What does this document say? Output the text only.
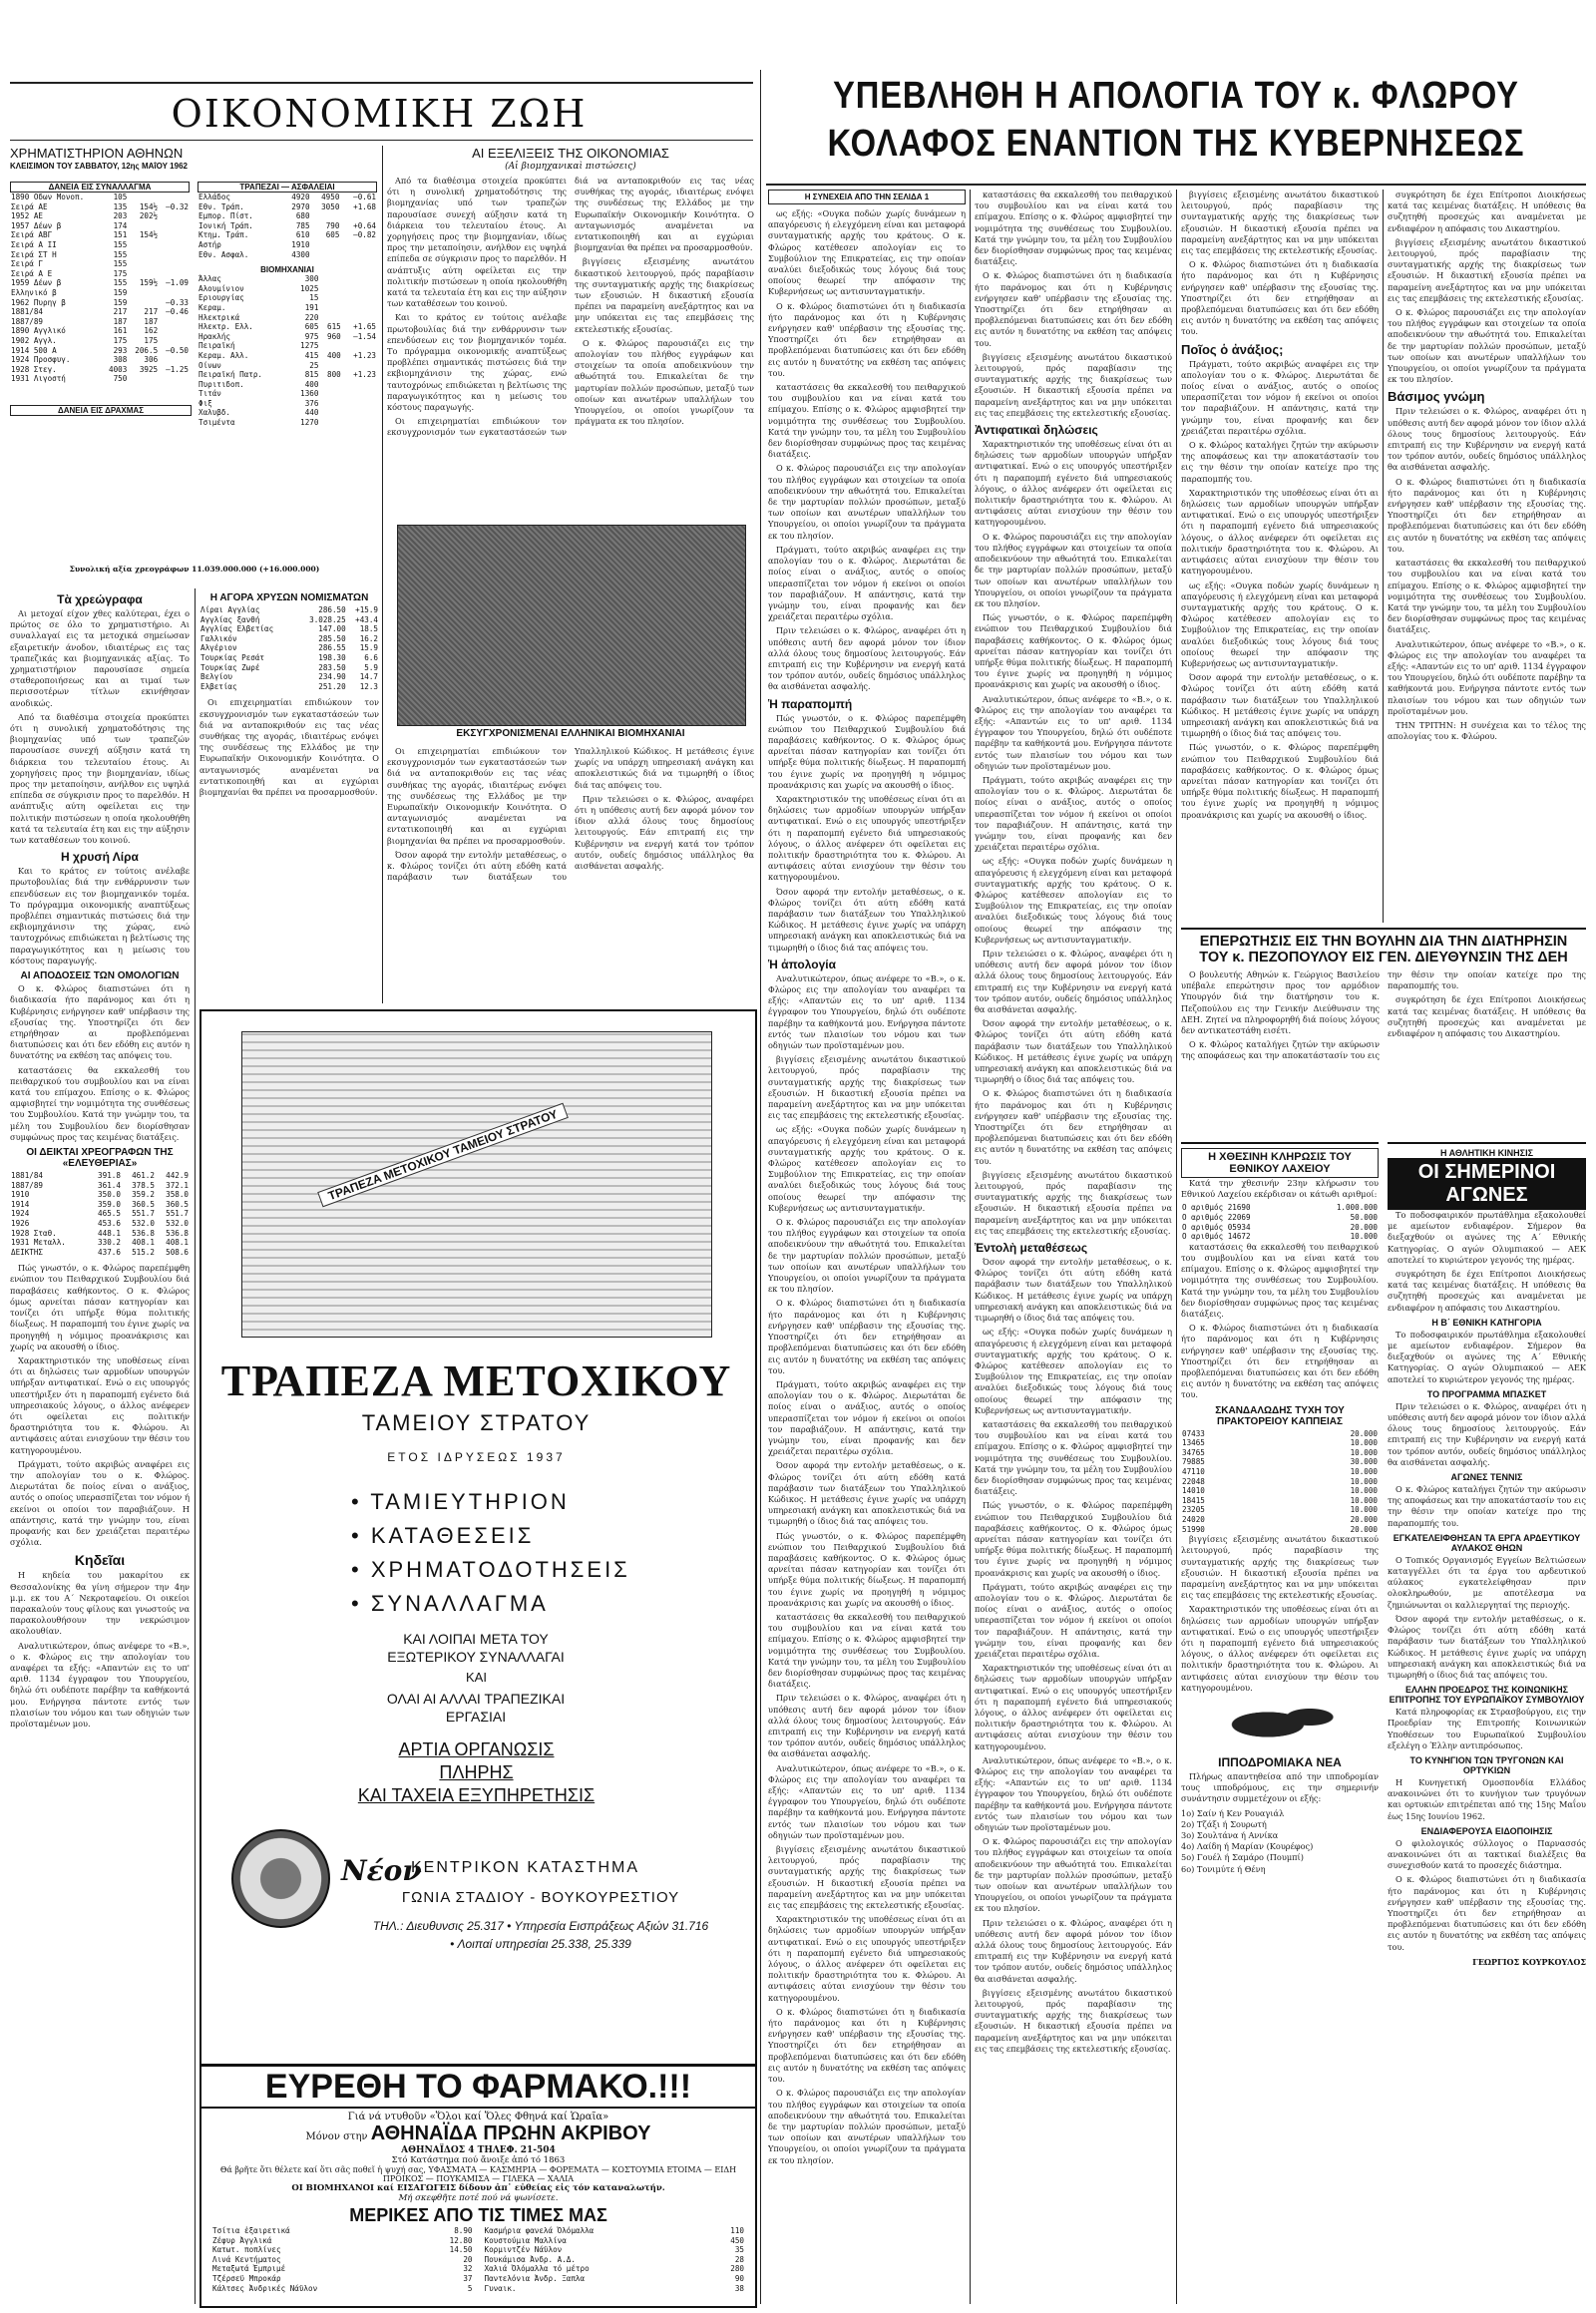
ΟΙΚΟΝΟΜΙΚΗ ΖΩΗ
ΧΡΗΜΑΤΙΣΤΗΡΙΟΝ ΑΘΗΝΩΝ
ΚΛΕΙΣΙΜΟΝ ΤΟΥ ΣΑΒΒΑΤΟΥ, 12ης ΜΑΐΟΥ 1962
ΔΑΝΕΙΑ ΕΙΣ ΣΥΝΑΛΛΑΓΜΑ
1890 Οδων Μονοπ.	105		
Σειρά ΑΕ	135	154½	—0.32
1952 ΑΕ	203	202½	
1957 Δέων β	174		
Σειρά ΑΒΓ	151	154½	
Σειρά Α ΙΙ	155		
Σειρά ΣΤ Η	155		
Σειρά Γ	155		
Σειρά Α Ε	175		
1959 Δέων β	155	159½	—1.09
Ελληνικό β	159		
1962 Πυρηγ β	159		—0.33
1881/84	217	217	—0.46
1887/89	187	187	
1890 Αγγλικό	161	162	
1902 Αγγλ.	175	175	
1914 500 Α	293	206.5	—0.50
1924 Προσφυγ.	308	306	
1928 Στεγ.	4003	3925	—1.25
1931 Λιγοστή	750		
ΤΡΑΠΕΖΑΙ — ΑΣΦΑΛΕΙΑΙ
Ελλάδος	4920	4950	—0.61
Εθν. Τράπ.	2970	3050	+1.68
Εμπορ. Πίστ.	680		
Ιονική Τράπ.	785	790	+0.64
Κτημ. Τράπ.	610	605	—0.82
Αστήρ	1910		
Εθν. Ασφαλ.	4300		
ΒΙΟΜΗΧΑΝΙΑΙ
Άλλας	300		
Αλουμίνιον	1025		
Εριουργίας	15		
Κεραμ.	191		
Ηλεκτρικά	220		
Ηλεκτρ. Ελλ.	605	615	+1.65
Ηρακλής	975	960	—1.54
Πειραϊκή	1275		
Κεραμ. Αλλ.	415	400	+1.23
Οίνων	25		
Πειραϊκή Πατρ.	815	800	+1.23
Πυριτιδοπ.	400		
Τιτάν	1360		
Φιξ	376		
Χαλυβδ.	440		
Τσιμέντα	1270		
ΔΑΝΕΙΑ ΕΙΣ ΔΡΑΧΜΑΣ
Συνολική αξία χρεογράφων 11.039.000.000 (+16.000.000)
Τὰ χρεώγραφα

Αι μετοχαί είχον χθες καλύτεραι, έχει ο πρώτος σε όλο το χρηματιστήριο. Αι συναλλαγαί εις τα μετοχικά σημείωσαν εξαιρετικήν άνοδον, ιδιαιτέρως εις τας τραπεζικάς και βιομηχανικάς αξίας. Το χρηματιστήριον παρουσίασε σημεία σταθεροποιήσεως και αι τιμαί των περισσοτέρων τίτλων εκινήθησαν ανοδικώς.

Από τα διαθέσιμα στοιχεία προκύπτει ότι η συνολική χρηματοδότησις της βιομηχανίας υπό των τραπεζών παρουσίασε συνεχή αύξησιν κατά τη διάρκεια του τελευταίου έτους. Αι χορηγήσεις προς την βιομηχανίαν, ιδίως προς την μεταποίησιν, ανήλθον εις υψηλά επίπεδα σε σύγκρισιν προς το παρελθόν. Η ανάπτυξις αύτη οφείλεται εις την πολιτικήν πιστώσεων η οποία ηκολουθήθη κατά τα τελευταία έτη και εις την αύξησιν των καταθέσεων του κοινού.

Η χρυσή Λίρα

Και το κράτος εν τούτοις ανέλαβε πρωτοβουλίας διά την ενθάρρυνσιν των επενδύσεων εις τον βιομηχανικόν τομέα. Το πρόγραμμα οικονομικής αναπτύξεως προβλέπει σημαντικάς πιστώσεις διά την εκβιομηχάνισιν της χώρας, ενώ ταυτοχρόνως επιδιώκεται η βελτίωσις της παραγωγικότητος και η μείωσις του κόστους παραγωγής.

ΑΙ ΑΠΟΔΟΣΕΙΣ ΤΩΝ ΟΜΟΛΟΓΙΩΝ

Ο κ. Φλώρος διαπιστώνει ότι η διαδικασία ήτο παράνομος και ότι η Κυβέρνησις ενήργησεν καθ' υπέρβασιν της εξουσίας της. Υποστηρίζει ότι δεν ετηρήθησαν αι προβλεπόμεναι διατυπώσεις και ότι δεν εδόθη εις αυτόν η δυνατότης να εκθέση τας απόψεις του.

καταστάσεις θα εκκαλεσθή του πειθαρχικού του συμβουλίου και να είναι κατά του επίμαχου. Επίσης ο κ. Φλώρος αμφισβητεί την νομιμότητα της συνθέσεως του Συμβουλίου. Κατά την γνώμην του, τα μέλη του Συμβουλίου δεν διορίσθησαν συμφώνως προς τας κειμένας διατάξεις.

ΟΙ ΔΕΙΚΤΑΙ ΧΡΕΟΓΡΑΦΩΝ ΤΗΣ «ΕΛΕΥΘΕΡΙΑΣ»
1881/84	391.8	461.2	442.9
1887/89	361.4	378.5	372.1
1910	350.0	359.2	358.0
1914	359.0	360.5	360.5
1924	465.5	551.7	551.7
1926	453.6	532.0	532.0
1928 Σταθ.	448.1	536.8	536.8
1931 Μεταλλ.	330.2	408.1	408.1
ΔΕΙΚΤΗΣ	437.6	515.2	508.6

Πώς γνωστόν, ο κ. Φλώρος παρεπέμφθη ενώπιον του Πειθαρχικού Συμβουλίου διά παραβάσεις καθήκοντος. Ο κ. Φλώρος όμως αρνείται πάσαν κατηγορίαν και τονίζει ότι υπήρξε θύμα πολιτικής δίωξεως. Η παραπομπή του έγινε χωρίς να προηγηθή η νόμιμος προανάκρισις και χωρίς να ακουσθή ο ίδιος.

Χαρακτηριστικόν της υποθέσεως είναι ότι αι δηλώσεις των αρμοδίων υπουργών υπήρξαν αντιφατικαί. Ενώ ο εις υπουργός υπεστήριξεν ότι η παραπομπή εγένετο διά υπηρεσιακούς λόγους, ο άλλος ανέφερεν ότι οφείλεται εις πολιτικήν δραστηριότητα του κ. Φλώρου. Αι αντιφάσεις αύται ενισχύουν την θέσιν του κατηγορουμένου.

Πράγματι, τούτο ακριβώς αναφέρει εις την απολογίαν του ο κ. Φλώρος. Διερωτάται δε ποίος είναι ο ανάξιος, αυτός ο οποίος υπερασπίζεται τον νόμον ή εκείνοι οι οποίοι τον παραβιάζουν. Η απάντησις, κατά την γνώμην του, είναι προφανής και δεν χρειάζεται περαιτέρω σχόλια.

Κηδεῖαι

Η κηδεία του μακαρίτου εκ Θεσσαλονίκης θα γίνη σήμερον την 4ην μ.μ. εκ του Α΄ Νεκροταφείου. Οι οικείοι παρακαλούν τους φίλους και γνωστούς να παρακολουθήσουν την νεκρώσιμον ακολουθίαν.

Αναλυτικώτερον, όπως ανέφερε το «Β.», ο κ. Φλώρος εις την απολογίαν του αναφέρει τα εξής: «Απαντών εις το υπ' αριθ. 1134 έγγραφον του Υπουργείου, δηλώ ότι ουδέποτε παρέβην τα καθήκοντά μου. Ενήργησα πάντοτε εντός των πλαισίων του νόμου και των οδηγιών των προϊσταμένων μου.

Η ΑΓΟΡΑ ΧΡΥΣΩΝ ΝΟΜΙΣΜΑΤΩΝ
Λίραι Αγγλίας	286.50	+15.9
Αγγλίας ξανθή	3.028.25	+43.4
Αγγλίας Ελβετίας	147.00	18.5
Γαλλικόν	285.50	16.2
Αλγέριον	286.55	15.9
Τουρκίας Ρεσάτ	198.30	6.6
Τουρκίας Ζωρέ	283.50	5.9
Βελγίου	234.90	14.7
Ελβετίας	251.20	12.3

Οι επιχειρηματίαι επιδιώκουν τον εκσυγχρονισμόν των εγκαταστάσεών των διά να ανταποκριθούν εις τας νέας συνθήκας της αγοράς, ιδιαιτέρως ενόψει της συνδέσεως της Ελλάδος με την Ευρωπαϊκήν Οικονομικήν Κοινότητα. Ο ανταγωνισμός αναμένεται να εντατικοποιηθή και αι εγχώριαι βιομηχανίαι θα πρέπει να προσαρμοσθούν.

ΑΙ ΕΞΕΛΙΞΕΙΣ ΤΗΣ ΟΙΚΟΝΟΜΙΑΣ
(Αἱ βιομηχανικαὶ πιστώσεις)

Από τα διαθέσιμα στοιχεία προκύπτει ότι η συνολική χρηματοδότησις της βιομηχανίας υπό των τραπεζών παρουσίασε συνεχή αύξησιν κατά τη διάρκεια του τελευταίου έτους. Αι χορηγήσεις προς την βιομηχανίαν, ιδίως προς την μεταποίησιν, ανήλθον εις υψηλά επίπεδα σε σύγκρισιν προς το παρελθόν. Η ανάπτυξις αύτη οφείλεται εις την πολιτικήν πιστώσεων η οποία ηκολουθήθη κατά τα τελευταία έτη και εις την αύξησιν των καταθέσεων του κοινού.

Και το κράτος εν τούτοις ανέλαβε πρωτοβουλίας διά την ενθάρρυνσιν των επενδύσεων εις τον βιομηχανικόν τομέα. Το πρόγραμμα οικονομικής αναπτύξεως προβλέπει σημαντικάς πιστώσεις διά την εκβιομηχάνισιν της χώρας, ενώ ταυτοχρόνως επιδιώκεται η βελτίωσις της παραγωγικότητος και η μείωσις του κόστους παραγωγής.

Οι επιχειρηματίαι επιδιώκουν τον εκσυγχρονισμόν των εγκαταστάσεών των διά να ανταποκριθούν εις τας νέας συνθήκας της αγοράς, ιδιαιτέρως ενόψει της συνδέσεως της Ελλάδος με την Ευρωπαϊκήν Οικονομικήν Κοινότητα. Ο ανταγωνισμός αναμένεται να εντατικοποιηθή και αι εγχώριαι βιομηχανίαι θα πρέπει να προσαρμοσθούν.

βιγγίσεις εξεισμένης ανωτάτου δικαστικού λειτουργού, πρός παραβίασιν της συνταγματικής αρχής της διακρίσεως των εξουσιών. Η δικαστική εξουσία πρέπει να παραμείνη ανεξάρτητος και να μην υπόκειται εις τας επεμβάσεις της εκτελεστικής εξουσίας.

Ο κ. Φλώρος παρουσιάζει εις την απολογίαν του πλήθος εγγράφων και στοιχείων τα οποία αποδεικνύουν την αθωότητά του. Επικαλείται δε την μαρτυρίαν πολλών προσώπων, μεταξύ των οποίων και ανωτέρων υπαλλήλων του Υπουργείου, οι οποίοι γνωρίζουν τα πράγματα εκ του πλησίον.

ΕΚΣΥΓΧΡΟΝΙΣΜΕΝΑΙ ΕΛΛΗΝΙΚΑΙ ΒΙΟΜΗΧΑΝΙΑΙ

Οι επιχειρηματίαι επιδιώκουν τον εκσυγχρονισμόν των εγκαταστάσεών των διά να ανταποκριθούν εις τας νέας συνθήκας της αγοράς, ιδιαιτέρως ενόψει της συνδέσεως της Ελλάδος με την Ευρωπαϊκήν Οικονομικήν Κοινότητα. Ο ανταγωνισμός αναμένεται να εντατικοποιηθή και αι εγχώριαι βιομηχανίαι θα πρέπει να προσαρμοσθούν.

Όσον αφορά την εντολήν μεταθέσεως, ο κ. Φλώρος τονίζει ότι αύτη εδόθη κατά παράβασιν των διατάξεων του Υπαλληλικού Κώδικος. Η μετάθεσις έγινε χωρίς να υπάρχη υπηρεσιακή ανάγκη και αποκλειστικώς διά να τιμωρηθή ο ίδιος διά τας απόψεις του.

Πριν τελειώσει ο κ. Φλώρος, αναφέρει ότι η υπόθεσις αυτή δεν αφορά μόνον τον ίδιον αλλά όλους τους δημοσίους λειτουργούς. Εάν επιτραπή εις την Κυβέρνησιν να ενεργή κατά τον τρόπον αυτόν, ουδείς δημόσιος υπάλληλος θα αισθάνεται ασφαλής.

ΤΡΑΠΕΖΑ ΜΕΤΟΧΙΚΟΥ ΤΑΜΕΙΟΥ ΣΤΡΑΤΟΥ
ΤΡΑΠΕΖΑ ΜΕΤΟΧΙΚΟΥ
ΤΑΜΕΙΟΥ ΣΤΡΑΤΟΥ
ΕΤΟΣ ΙΔΡΥΣΕΩΣ 1937
• ΤΑΜΙΕΥΤΗΡΙΟΝ
• ΚΑΤΑΘΕΣΕΙΣ
• ΧΡΗΜΑΤΟΔΟΤΗΣΕΙΣ
• ΣΥΝΑΛΛΑΓΜΑ
ΚΑΙ ΛΟΙΠΑΙ ΜΕΤΑ ΤΟΥ ΕΞΩΤΕΡΙΚΟΥ ΣΥΝΑΛΛΑΓΑΙ
ΚΑΙ
ΟΛΑΙ ΑΙ ΑΛΛΑΙ ΤΡΑΠΕΖΙΚΑΙ ΕΡΓΑΣΙΑΙ
ΑΡΤΙΑ ΟΡΓΑΝΩΣΙΣ
ΠΛΗΡΗΣ
ΚΑΙ ΤΑΧΕΙΑ ΕΞΥΠΗΡΕΤΗΣΙΣ
Νέον
ΚΕΝΤΡΙΚΟΝ ΚΑΤΑΣΤΗΜΑ
ΓΩΝΙΑ ΣΤΑΔΙΟΥ - ΒΟΥΚΟΥΡΕΣΤΙΟΥ
ΤΗΛ.: Διευθυνσις 25.317 • Υπηρεσία Εισπράξεως Αξιών 31.716
• Λοιπαί υπηρεσίαι 25.338, 25.339
ΕΥΡΕΘΗ ΤΟ ΦΑΡΜΑΚΟ.!!!
Γιά νά ντυθοῦν «Ὅλοι καί Ὅλες Φθηνά καί Ὡραῖα»
Μόνον στην ΑΘΗΝΑΪΔΑ ΠΡΩΗΝ ΑΚΡΙΒΟΥ
ΑΘΗΝΑΪΔΟΣ 4 ΤΗΛΕΦ. 21-504
Στό Κατάστημα πού ἄνοιξε ἀπό τό 1863
Θά βρῆτε ὅτι θέλετε καί ὅτι σᾶς ποθεῖ ἡ ψυχή σας, ΥΦΑΣΜΑΤΑ — ΚΑΣΜΗΡΙΑ — ΦΟΡΕΜΑΤΑ — ΚΟΣΤΟΥΜΙΑ ΕΤΟΙΜΑ — ΕΙΔΗ ΠΡΟΙΚΟΣ — ΠΟΥΚΑΜΙΣΑ — ΓΙΛΕΚΑ — ΧΑΛΙΑ
ΟΙ ΒΙΟΜΗΧΑΝΟΙ καί ΕΙΣΑΓΩΓΕΙΣ δίδουν ἀπ᾽ εὐθείας εἰς τόν καταναλωτήν.
Μή σκεφθῆτε ποτέ πού νά ψωνίσετε.
ΜΕΡΙΚΕΣ ΑΠΟ ΤΙΣ ΤΙΜΕΣ ΜΑΣ
Τσίτια ἐξαιρετικά	8.90
Ζέφυρ Ἀγγλικά	12.80
Κατωτ. ποπλίνες	14.50
Λινά Κεντήματος	20
Μεταξωτά Ἐμπριμέ	32
Τζέρσεϋ Μπροκάρ	37
Κάλτσες Ἀνδρικές Νάϋλον	5
Κασμήρια φανελά Ὀλόμαλλα	110
Κουστούμια Μαλλίνα	450
Κορμιντζέν Νάϋλον	35
Πουκάμισα Ἀνδρ. Α.Δ.	28
Χαλιά Ὀλόμαλλα τό μέτρο	280
Παντελόνια Ἀνδρ. Ξαπλα	90
Γυναικ.	38
ΥΠΕΒΛΗΘΗ Η ΑΠΟΛΟΓΙΑ ΤΟΥ κ. ΦΛΩΡΟΥ
ΚΟΛΑΦΟΣ ΕΝΑΝΤΙΟΝ ΤΗΣ ΚΥΒΕΡΝΗΣΕΩΣ
Η ΣΥΝΕΧΕΙΑ ΑΠΟ ΤΗΝ ΣΕΛΙΔΑ 1

ως εξής: «Ουγκα ποδών χωρίς δυνάμεων η απαγόρευσις ή ελεγχόμενη είναι και μεταφορά συνταγματικής αρχής του κράτους. Ο κ. Φλώρος κατέθεσεν απολογίαν εις το Συμβούλιον της Επικρατείας, εις την οποίαν αναλύει διεξοδικώς τους λόγους διά τους οποίους θεωρεί την απόφασιν της Κυβερνήσεως ως αντισυνταγματικήν.

Ο κ. Φλώρος διαπιστώνει ότι η διαδικασία ήτο παράνομος και ότι η Κυβέρνησις ενήργησεν καθ' υπέρβασιν της εξουσίας της. Υποστηρίζει ότι δεν ετηρήθησαν αι προβλεπόμεναι διατυπώσεις και ότι δεν εδόθη εις αυτόν η δυνατότης να εκθέση τας απόψεις του.

καταστάσεις θα εκκαλεσθή του πειθαρχικού του συμβουλίου και να είναι κατά του επίμαχου. Επίσης ο κ. Φλώρος αμφισβητεί την νομιμότητα της συνθέσεως του Συμβουλίου. Κατά την γνώμην του, τα μέλη του Συμβουλίου δεν διορίσθησαν συμφώνως προς τας κειμένας διατάξεις.

Ο κ. Φλώρος παρουσιάζει εις την απολογίαν του πλήθος εγγράφων και στοιχείων τα οποία αποδεικνύουν την αθωότητά του. Επικαλείται δε την μαρτυρίαν πολλών προσώπων, μεταξύ των οποίων και ανωτέρων υπαλλήλων του Υπουργείου, οι οποίοι γνωρίζουν τα πράγματα εκ του πλησίον.

Πράγματι, τούτο ακριβώς αναφέρει εις την απολογίαν του ο κ. Φλώρος. Διερωτάται δε ποίος είναι ο ανάξιος, αυτός ο οποίος υπερασπίζεται τον νόμον ή εκείνοι οι οποίοι τον παραβιάζουν. Η απάντησις, κατά την γνώμην του, είναι προφανής και δεν χρειάζεται περαιτέρω σχόλια.

Πριν τελειώσει ο κ. Φλώρος, αναφέρει ότι η υπόθεσις αυτή δεν αφορά μόνον τον ίδιον αλλά όλους τους δημοσίους λειτουργούς. Εάν επιτραπή εις την Κυβέρνησιν να ενεργή κατά τον τρόπον αυτόν, ουδείς δημόσιος υπάλληλος θα αισθάνεται ασφαλής.

Ἡ παραπομπή

Πώς γνωστόν, ο κ. Φλώρος παρεπέμφθη ενώπιον του Πειθαρχικού Συμβουλίου διά παραβάσεις καθήκοντος. Ο κ. Φλώρος όμως αρνείται πάσαν κατηγορίαν και τονίζει ότι υπήρξε θύμα πολιτικής δίωξεως. Η παραπομπή του έγινε χωρίς να προηγηθή η νόμιμος προανάκρισις και χωρίς να ακουσθή ο ίδιος.

Χαρακτηριστικόν της υποθέσεως είναι ότι αι δηλώσεις των αρμοδίων υπουργών υπήρξαν αντιφατικαί. Ενώ ο εις υπουργός υπεστήριξεν ότι η παραπομπή εγένετο διά υπηρεσιακούς λόγους, ο άλλος ανέφερεν ότι οφείλεται εις πολιτικήν δραστηριότητα του κ. Φλώρου. Αι αντιφάσεις αύται ενισχύουν την θέσιν του κατηγορουμένου.

Όσον αφορά την εντολήν μεταθέσεως, ο κ. Φλώρος τονίζει ότι αύτη εδόθη κατά παράβασιν των διατάξεων του Υπαλληλικού Κώδικος. Η μετάθεσις έγινε χωρίς να υπάρχη υπηρεσιακή ανάγκη και αποκλειστικώς διά να τιμωρηθή ο ίδιος διά τας απόψεις του.

Ἡ ἀπολογία

Αναλυτικώτερον, όπως ανέφερε το «Β.», ο κ. Φλώρος εις την απολογίαν του αναφέρει τα εξής: «Απαντών εις το υπ' αριθ. 1134 έγγραφον του Υπουργείου, δηλώ ότι ουδέποτε παρέβην τα καθήκοντά μου. Ενήργησα πάντοτε εντός των πλαισίων του νόμου και των οδηγιών των προϊσταμένων μου.

βιγγίσεις εξεισμένης ανωτάτου δικαστικού λειτουργού, πρός παραβίασιν της συνταγματικής αρχής της διακρίσεως των εξουσιών. Η δικαστική εξουσία πρέπει να παραμείνη ανεξάρτητος και να μην υπόκειται εις τας επεμβάσεις της εκτελεστικής εξουσίας.

ως εξής: «Ουγκα ποδών χωρίς δυνάμεων η απαγόρευσις ή ελεγχόμενη είναι και μεταφορά συνταγματικής αρχής του κράτους. Ο κ. Φλώρος κατέθεσεν απολογίαν εις το Συμβούλιον της Επικρατείας, εις την οποίαν αναλύει διεξοδικώς τους λόγους διά τους οποίους θεωρεί την απόφασιν της Κυβερνήσεως ως αντισυνταγματικήν.

Ο κ. Φλώρος παρουσιάζει εις την απολογίαν του πλήθος εγγράφων και στοιχείων τα οποία αποδεικνύουν την αθωότητά του. Επικαλείται δε την μαρτυρίαν πολλών προσώπων, μεταξύ των οποίων και ανωτέρων υπαλλήλων του Υπουργείου, οι οποίοι γνωρίζουν τα πράγματα εκ του πλησίον.

Ο κ. Φλώρος διαπιστώνει ότι η διαδικασία ήτο παράνομος και ότι η Κυβέρνησις ενήργησεν καθ' υπέρβασιν της εξουσίας της. Υποστηρίζει ότι δεν ετηρήθησαν αι προβλεπόμεναι διατυπώσεις και ότι δεν εδόθη εις αυτόν η δυνατότης να εκθέση τας απόψεις του.

Πράγματι, τούτο ακριβώς αναφέρει εις την απολογίαν του ο κ. Φλώρος. Διερωτάται δε ποίος είναι ο ανάξιος, αυτός ο οποίος υπερασπίζεται τον νόμον ή εκείνοι οι οποίοι τον παραβιάζουν. Η απάντησις, κατά την γνώμην του, είναι προφανής και δεν χρειάζεται περαιτέρω σχόλια.

Όσον αφορά την εντολήν μεταθέσεως, ο κ. Φλώρος τονίζει ότι αύτη εδόθη κατά παράβασιν των διατάξεων του Υπαλληλικού Κώδικος. Η μετάθεσις έγινε χωρίς να υπάρχη υπηρεσιακή ανάγκη και αποκλειστικώς διά να τιμωρηθή ο ίδιος διά τας απόψεις του.

Πώς γνωστόν, ο κ. Φλώρος παρεπέμφθη ενώπιον του Πειθαρχικού Συμβουλίου διά παραβάσεις καθήκοντος. Ο κ. Φλώρος όμως αρνείται πάσαν κατηγορίαν και τονίζει ότι υπήρξε θύμα πολιτικής δίωξεως. Η παραπομπή του έγινε χωρίς να προηγηθή η νόμιμος προανάκρισις και χωρίς να ακουσθή ο ίδιος.

καταστάσεις θα εκκαλεσθή του πειθαρχικού του συμβουλίου και να είναι κατά του επίμαχου. Επίσης ο κ. Φλώρος αμφισβητεί την νομιμότητα της συνθέσεως του Συμβουλίου. Κατά την γνώμην του, τα μέλη του Συμβουλίου δεν διορίσθησαν συμφώνως προς τας κειμένας διατάξεις.

Πριν τελειώσει ο κ. Φλώρος, αναφέρει ότι η υπόθεσις αυτή δεν αφορά μόνον τον ίδιον αλλά όλους τους δημοσίους λειτουργούς. Εάν επιτραπή εις την Κυβέρνησιν να ενεργή κατά τον τρόπον αυτόν, ουδείς δημόσιος υπάλληλος θα αισθάνεται ασφαλής.

Αναλυτικώτερον, όπως ανέφερε το «Β.», ο κ. Φλώρος εις την απολογίαν του αναφέρει τα εξής: «Απαντών εις το υπ' αριθ. 1134 έγγραφον του Υπουργείου, δηλώ ότι ουδέποτε παρέβην τα καθήκοντά μου. Ενήργησα πάντοτε εντός των πλαισίων του νόμου και των οδηγιών των προϊσταμένων μου.

βιγγίσεις εξεισμένης ανωτάτου δικαστικού λειτουργού, πρός παραβίασιν της συνταγματικής αρχής της διακρίσεως των εξουσιών. Η δικαστική εξουσία πρέπει να παραμείνη ανεξάρτητος και να μην υπόκειται εις τας επεμβάσεις της εκτελεστικής εξουσίας.

Χαρακτηριστικόν της υποθέσεως είναι ότι αι δηλώσεις των αρμοδίων υπουργών υπήρξαν αντιφατικαί. Ενώ ο εις υπουργός υπεστήριξεν ότι η παραπομπή εγένετο διά υπηρεσιακούς λόγους, ο άλλος ανέφερεν ότι οφείλεται εις πολιτικήν δραστηριότητα του κ. Φλώρου. Αι αντιφάσεις αύται ενισχύουν την θέσιν του κατηγορουμένου.

Ο κ. Φλώρος διαπιστώνει ότι η διαδικασία ήτο παράνομος και ότι η Κυβέρνησις ενήργησεν καθ' υπέρβασιν της εξουσίας της. Υποστηρίζει ότι δεν ετηρήθησαν αι προβλεπόμεναι διατυπώσεις και ότι δεν εδόθη εις αυτόν η δυνατότης να εκθέση τας απόψεις του.

Ο κ. Φλώρος παρουσιάζει εις την απολογίαν του πλήθος εγγράφων και στοιχείων τα οποία αποδεικνύουν την αθωότητά του. Επικαλείται δε την μαρτυρίαν πολλών προσώπων, μεταξύ των οποίων και ανωτέρων υπαλλήλων του Υπουργείου, οι οποίοι γνωρίζουν τα πράγματα εκ του πλησίον.

καταστάσεις θα εκκαλεσθή του πειθαρχικού του συμβουλίου και να είναι κατά του επίμαχου. Επίσης ο κ. Φλώρος αμφισβητεί την νομιμότητα της συνθέσεως του Συμβουλίου. Κατά την γνώμην του, τα μέλη του Συμβουλίου δεν διορίσθησαν συμφώνως προς τας κειμένας διατάξεις.

Ο κ. Φλώρος διαπιστώνει ότι η διαδικασία ήτο παράνομος και ότι η Κυβέρνησις ενήργησεν καθ' υπέρβασιν της εξουσίας της. Υποστηρίζει ότι δεν ετηρήθησαν αι προβλεπόμεναι διατυπώσεις και ότι δεν εδόθη εις αυτόν η δυνατότης να εκθέση τας απόψεις του.

βιγγίσεις εξεισμένης ανωτάτου δικαστικού λειτουργού, πρός παραβίασιν της συνταγματικής αρχής της διακρίσεως των εξουσιών. Η δικαστική εξουσία πρέπει να παραμείνη ανεξάρτητος και να μην υπόκειται εις τας επεμβάσεις της εκτελεστικής εξουσίας.

Ἀντιφατικαὶ δηλώσεις

Χαρακτηριστικόν της υποθέσεως είναι ότι αι δηλώσεις των αρμοδίων υπουργών υπήρξαν αντιφατικαί. Ενώ ο εις υπουργός υπεστήριξεν ότι η παραπομπή εγένετο διά υπηρεσιακούς λόγους, ο άλλος ανέφερεν ότι οφείλεται εις πολιτικήν δραστηριότητα του κ. Φλώρου. Αι αντιφάσεις αύται ενισχύουν την θέσιν του κατηγορουμένου.

Ο κ. Φλώρος παρουσιάζει εις την απολογίαν του πλήθος εγγράφων και στοιχείων τα οποία αποδεικνύουν την αθωότητά του. Επικαλείται δε την μαρτυρίαν πολλών προσώπων, μεταξύ των οποίων και ανωτέρων υπαλλήλων του Υπουργείου, οι οποίοι γνωρίζουν τα πράγματα εκ του πλησίον.

Πώς γνωστόν, ο κ. Φλώρος παρεπέμφθη ενώπιον του Πειθαρχικού Συμβουλίου διά παραβάσεις καθήκοντος. Ο κ. Φλώρος όμως αρνείται πάσαν κατηγορίαν και τονίζει ότι υπήρξε θύμα πολιτικής δίωξεως. Η παραπομπή του έγινε χωρίς να προηγηθή η νόμιμος προανάκρισις και χωρίς να ακουσθή ο ίδιος.

Αναλυτικώτερον, όπως ανέφερε το «Β.», ο κ. Φλώρος εις την απολογίαν του αναφέρει τα εξής: «Απαντών εις το υπ' αριθ. 1134 έγγραφον του Υπουργείου, δηλώ ότι ουδέποτε παρέβην τα καθήκοντά μου. Ενήργησα πάντοτε εντός των πλαισίων του νόμου και των οδηγιών των προϊσταμένων μου.

Πράγματι, τούτο ακριβώς αναφέρει εις την απολογίαν του ο κ. Φλώρος. Διερωτάται δε ποίος είναι ο ανάξιος, αυτός ο οποίος υπερασπίζεται τον νόμον ή εκείνοι οι οποίοι τον παραβιάζουν. Η απάντησις, κατά την γνώμην του, είναι προφανής και δεν χρειάζεται περαιτέρω σχόλια.

ως εξής: «Ουγκα ποδών χωρίς δυνάμεων η απαγόρευσις ή ελεγχόμενη είναι και μεταφορά συνταγματικής αρχής του κράτους. Ο κ. Φλώρος κατέθεσεν απολογίαν εις το Συμβούλιον της Επικρατείας, εις την οποίαν αναλύει διεξοδικώς τους λόγους διά τους οποίους θεωρεί την απόφασιν της Κυβερνήσεως ως αντισυνταγματικήν.

Πριν τελειώσει ο κ. Φλώρος, αναφέρει ότι η υπόθεσις αυτή δεν αφορά μόνον τον ίδιον αλλά όλους τους δημοσίους λειτουργούς. Εάν επιτραπή εις την Κυβέρνησιν να ενεργή κατά τον τρόπον αυτόν, ουδείς δημόσιος υπάλληλος θα αισθάνεται ασφαλής.

Όσον αφορά την εντολήν μεταθέσεως, ο κ. Φλώρος τονίζει ότι αύτη εδόθη κατά παράβασιν των διατάξεων του Υπαλληλικού Κώδικος. Η μετάθεσις έγινε χωρίς να υπάρχη υπηρεσιακή ανάγκη και αποκλειστικώς διά να τιμωρηθή ο ίδιος διά τας απόψεις του.

Ο κ. Φλώρος διαπιστώνει ότι η διαδικασία ήτο παράνομος και ότι η Κυβέρνησις ενήργησεν καθ' υπέρβασιν της εξουσίας της. Υποστηρίζει ότι δεν ετηρήθησαν αι προβλεπόμεναι διατυπώσεις και ότι δεν εδόθη εις αυτόν η δυνατότης να εκθέση τας απόψεις του.

βιγγίσεις εξεισμένης ανωτάτου δικαστικού λειτουργού, πρός παραβίασιν της συνταγματικής αρχής της διακρίσεως των εξουσιών. Η δικαστική εξουσία πρέπει να παραμείνη ανεξάρτητος και να μην υπόκειται εις τας επεμβάσεις της εκτελεστικής εξουσίας.

Ἐντολὴ μεταθέσεως

Όσον αφορά την εντολήν μεταθέσεως, ο κ. Φλώρος τονίζει ότι αύτη εδόθη κατά παράβασιν των διατάξεων του Υπαλληλικού Κώδικος. Η μετάθεσις έγινε χωρίς να υπάρχη υπηρεσιακή ανάγκη και αποκλειστικώς διά να τιμωρηθή ο ίδιος διά τας απόψεις του.

ως εξής: «Ουγκα ποδών χωρίς δυνάμεων η απαγόρευσις ή ελεγχόμενη είναι και μεταφορά συνταγματικής αρχής του κράτους. Ο κ. Φλώρος κατέθεσεν απολογίαν εις το Συμβούλιον της Επικρατείας, εις την οποίαν αναλύει διεξοδικώς τους λόγους διά τους οποίους θεωρεί την απόφασιν της Κυβερνήσεως ως αντισυνταγματικήν.

καταστάσεις θα εκκαλεσθή του πειθαρχικού του συμβουλίου και να είναι κατά του επίμαχου. Επίσης ο κ. Φλώρος αμφισβητεί την νομιμότητα της συνθέσεως του Συμβουλίου. Κατά την γνώμην του, τα μέλη του Συμβουλίου δεν διορίσθησαν συμφώνως προς τας κειμένας διατάξεις.

Πώς γνωστόν, ο κ. Φλώρος παρεπέμφθη ενώπιον του Πειθαρχικού Συμβουλίου διά παραβάσεις καθήκοντος. Ο κ. Φλώρος όμως αρνείται πάσαν κατηγορίαν και τονίζει ότι υπήρξε θύμα πολιτικής δίωξεως. Η παραπομπή του έγινε χωρίς να προηγηθή η νόμιμος προανάκρισις και χωρίς να ακουσθή ο ίδιος.

Πράγματι, τούτο ακριβώς αναφέρει εις την απολογίαν του ο κ. Φλώρος. Διερωτάται δε ποίος είναι ο ανάξιος, αυτός ο οποίος υπερασπίζεται τον νόμον ή εκείνοι οι οποίοι τον παραβιάζουν. Η απάντησις, κατά την γνώμην του, είναι προφανής και δεν χρειάζεται περαιτέρω σχόλια.

Χαρακτηριστικόν της υποθέσεως είναι ότι αι δηλώσεις των αρμοδίων υπουργών υπήρξαν αντιφατικαί. Ενώ ο εις υπουργός υπεστήριξεν ότι η παραπομπή εγένετο διά υπηρεσιακούς λόγους, ο άλλος ανέφερεν ότι οφείλεται εις πολιτικήν δραστηριότητα του κ. Φλώρου. Αι αντιφάσεις αύται ενισχύουν την θέσιν του κατηγορουμένου.

Αναλυτικώτερον, όπως ανέφερε το «Β.», ο κ. Φλώρος εις την απολογίαν του αναφέρει τα εξής: «Απαντών εις το υπ' αριθ. 1134 έγγραφον του Υπουργείου, δηλώ ότι ουδέποτε παρέβην τα καθήκοντά μου. Ενήργησα πάντοτε εντός των πλαισίων του νόμου και των οδηγιών των προϊσταμένων μου.

Ο κ. Φλώρος παρουσιάζει εις την απολογίαν του πλήθος εγγράφων και στοιχείων τα οποία αποδεικνύουν την αθωότητά του. Επικαλείται δε την μαρτυρίαν πολλών προσώπων, μεταξύ των οποίων και ανωτέρων υπαλλήλων του Υπουργείου, οι οποίοι γνωρίζουν τα πράγματα εκ του πλησίον.

Πριν τελειώσει ο κ. Φλώρος, αναφέρει ότι η υπόθεσις αυτή δεν αφορά μόνον τον ίδιον αλλά όλους τους δημοσίους λειτουργούς. Εάν επιτραπή εις την Κυβέρνησιν να ενεργή κατά τον τρόπον αυτόν, ουδείς δημόσιος υπάλληλος θα αισθάνεται ασφαλής.

βιγγίσεις εξεισμένης ανωτάτου δικαστικού λειτουργού, πρός παραβίασιν της συνταγματικής αρχής της διακρίσεως των εξουσιών. Η δικαστική εξουσία πρέπει να παραμείνη ανεξάρτητος και να μην υπόκειται εις τας επεμβάσεις της εκτελεστικής εξουσίας.

βιγγίσεις εξεισμένης ανωτάτου δικαστικού λειτουργού, πρός παραβίασιν της συνταγματικής αρχής της διακρίσεως των εξουσιών. Η δικαστική εξουσία πρέπει να παραμείνη ανεξάρτητος και να μην υπόκειται εις τας επεμβάσεις της εκτελεστικής εξουσίας.

Ο κ. Φλώρος διαπιστώνει ότι η διαδικασία ήτο παράνομος και ότι η Κυβέρνησις ενήργησεν καθ' υπέρβασιν της εξουσίας της. Υποστηρίζει ότι δεν ετηρήθησαν αι προβλεπόμεναι διατυπώσεις και ότι δεν εδόθη εις αυτόν η δυνατότης να εκθέση τας απόψεις του.

Ποῖος ὁ ἀνάξιος;

Πράγματι, τούτο ακριβώς αναφέρει εις την απολογίαν του ο κ. Φλώρος. Διερωτάται δε ποίος είναι ο ανάξιος, αυτός ο οποίος υπερασπίζεται τον νόμον ή εκείνοι οι οποίοι τον παραβιάζουν. Η απάντησις, κατά την γνώμην του, είναι προφανής και δεν χρειάζεται περαιτέρω σχόλια.

Ο κ. Φλώρος καταλήγει ζητών την ακύρωσιν της αποφάσεως και την αποκατάστασίν του εις την θέσιν την οποίαν κατείχε προ της παραπομπής του.

Χαρακτηριστικόν της υποθέσεως είναι ότι αι δηλώσεις των αρμοδίων υπουργών υπήρξαν αντιφατικαί. Ενώ ο εις υπουργός υπεστήριξεν ότι η παραπομπή εγένετο διά υπηρεσιακούς λόγους, ο άλλος ανέφερεν ότι οφείλεται εις πολιτικήν δραστηριότητα του κ. Φλώρου. Αι αντιφάσεις αύται ενισχύουν την θέσιν του κατηγορουμένου.

ως εξής: «Ουγκα ποδών χωρίς δυνάμεων η απαγόρευσις ή ελεγχόμενη είναι και μεταφορά συνταγματικής αρχής του κράτους. Ο κ. Φλώρος κατέθεσεν απολογίαν εις το Συμβούλιον της Επικρατείας, εις την οποίαν αναλύει διεξοδικώς τους λόγους διά τους οποίους θεωρεί την απόφασιν της Κυβερνήσεως ως αντισυνταγματικήν.

Όσον αφορά την εντολήν μεταθέσεως, ο κ. Φλώρος τονίζει ότι αύτη εδόθη κατά παράβασιν των διατάξεων του Υπαλληλικού Κώδικος. Η μετάθεσις έγινε χωρίς να υπάρχη υπηρεσιακή ανάγκη και αποκλειστικώς διά να τιμωρηθή ο ίδιος διά τας απόψεις του.

Πώς γνωστόν, ο κ. Φλώρος παρεπέμφθη ενώπιον του Πειθαρχικού Συμβουλίου διά παραβάσεις καθήκοντος. Ο κ. Φλώρος όμως αρνείται πάσαν κατηγορίαν και τονίζει ότι υπήρξε θύμα πολιτικής δίωξεως. Η παραπομπή του έγινε χωρίς να προηγηθή η νόμιμος προανάκρισις και χωρίς να ακουσθή ο ίδιος.

συγκρότηση δε έχει Επίτροποι Διοικήσεως κατά τας κειμένας διατάξεις. Η υπόθεσις θα συζητηθή προσεχώς και αναμένεται με ενδιαφέρον η απόφασις του Δικαστηρίου.

βιγγίσεις εξεισμένης ανωτάτου δικαστικού λειτουργού, πρός παραβίασιν της συνταγματικής αρχής της διακρίσεως των εξουσιών. Η δικαστική εξουσία πρέπει να παραμείνη ανεξάρτητος και να μην υπόκειται εις τας επεμβάσεις της εκτελεστικής εξουσίας.

Ο κ. Φλώρος παρουσιάζει εις την απολογίαν του πλήθος εγγράφων και στοιχείων τα οποία αποδεικνύουν την αθωότητά του. Επικαλείται δε την μαρτυρίαν πολλών προσώπων, μεταξύ των οποίων και ανωτέρων υπαλλήλων του Υπουργείου, οι οποίοι γνωρίζουν τα πράγματα εκ του πλησίον.

Βάσιμος γνώμη

Πριν τελειώσει ο κ. Φλώρος, αναφέρει ότι η υπόθεσις αυτή δεν αφορά μόνον τον ίδιον αλλά όλους τους δημοσίους λειτουργούς. Εάν επιτραπή εις την Κυβέρνησιν να ενεργή κατά τον τρόπον αυτόν, ουδείς δημόσιος υπάλληλος θα αισθάνεται ασφαλής.

Ο κ. Φλώρος διαπιστώνει ότι η διαδικασία ήτο παράνομος και ότι η Κυβέρνησις ενήργησεν καθ' υπέρβασιν της εξουσίας της. Υποστηρίζει ότι δεν ετηρήθησαν αι προβλεπόμεναι διατυπώσεις και ότι δεν εδόθη εις αυτόν η δυνατότης να εκθέση τας απόψεις του.

καταστάσεις θα εκκαλεσθή του πειθαρχικού του συμβουλίου και να είναι κατά του επίμαχου. Επίσης ο κ. Φλώρος αμφισβητεί την νομιμότητα της συνθέσεως του Συμβουλίου. Κατά την γνώμην του, τα μέλη του Συμβουλίου δεν διορίσθησαν συμφώνως προς τας κειμένας διατάξεις.

Αναλυτικώτερον, όπως ανέφερε το «Β.», ο κ. Φλώρος εις την απολογίαν του αναφέρει τα εξής: «Απαντών εις το υπ' αριθ. 1134 έγγραφον του Υπουργείου, δηλώ ότι ουδέποτε παρέβην τα καθήκοντά μου. Ενήργησα πάντοτε εντός των πλαισίων του νόμου και των οδηγιών των προϊσταμένων μου.

ΤΗΝ ΤΡΙΤΗΝ: Η συνέχεια και το τέλος της απολογίας του κ. Φλώρου.

ΕΠΕΡΩΤΗΣΙΣ ΕΙΣ ΤΗΝ ΒΟΥΛΗΝ ΔΙΑ ΤΗΝ ΔΙΑΤΗΡΗΣΙΝ
ΤΟΥ κ. ΠΕΖΟΠΟΥΛΟΥ ΕΙΣ ΓΕΝ. ΔΙΕΥΘΥΝΣΙΝ ΤΗΣ ΔΕΗ

Ο βουλευτής Αθηνών κ. Γεώργιος Βασιλείου υπέβαλε επερώτησιν προς τον αρμόδιον Υπουργόν διά την διατήρησιν του κ. Πεζοπούλου εις την Γενικήν Διεύθυνσιν της ΔΕΗ. Ζητεί να πληροφορηθή διά ποίους λόγους δεν αντικατεστάθη εισέτι.

Ο κ. Φλώρος καταλήγει ζητών την ακύρωσιν της αποφάσεως και την αποκατάστασίν του εις την θέσιν την οποίαν κατείχε προ της παραπομπής του.

συγκρότηση δε έχει Επίτροποι Διοικήσεως κατά τας κειμένας διατάξεις. Η υπόθεσις θα συζητηθή προσεχώς και αναμένεται με ενδιαφέρον η απόφασις του Δικαστηρίου.

Η ΧΘΕΣΙΝΗ ΚΛΗΡΩΣΙΣ ΤΟΥ ΕΘΝΙΚΟΥ ΛΑΧΕΙΟΥ

Κατά την χθεσινήν 23ην κλήρωσιν του Εθνικού Λαχείου εκέρδισαν οι κάτωθι αριθμοί:

Ο αριθμός 21690	1.000.000
Ο αριθμός 22069	50.000
Ο αριθμός 05934	20.000
Ο αριθμός 14672	10.000

καταστάσεις θα εκκαλεσθή του πειθαρχικού του συμβουλίου και να είναι κατά του επίμαχου. Επίσης ο κ. Φλώρος αμφισβητεί την νομιμότητα της συνθέσεως του Συμβουλίου. Κατά την γνώμην του, τα μέλη του Συμβουλίου δεν διορίσθησαν συμφώνως προς τας κειμένας διατάξεις.

Ο κ. Φλώρος διαπιστώνει ότι η διαδικασία ήτο παράνομος και ότι η Κυβέρνησις ενήργησεν καθ' υπέρβασιν της εξουσίας της. Υποστηρίζει ότι δεν ετηρήθησαν αι προβλεπόμεναι διατυπώσεις και ότι δεν εδόθη εις αυτόν η δυνατότης να εκθέση τας απόψεις του.

ΣΚΑΝΔΑΛΩΔΗΣ ΤΥΧΗ ΤΟΥ ΠΡΑΚΤΟΡΕΙΟΥ ΚΑΠΠΕΙΑΣ
07433	20.000
13465	10.000
34765	10.000
79885	30.000
47110	10.000
22048	10.000
14010	10.000
18415	10.000
23205	10.000
24020	20.000
51990	20.000

βιγγίσεις εξεισμένης ανωτάτου δικαστικού λειτουργού, πρός παραβίασιν της συνταγματικής αρχής της διακρίσεως των εξουσιών. Η δικαστική εξουσία πρέπει να παραμείνη ανεξάρτητος και να μην υπόκειται εις τας επεμβάσεις της εκτελεστικής εξουσίας.

Χαρακτηριστικόν της υποθέσεως είναι ότι αι δηλώσεις των αρμοδίων υπουργών υπήρξαν αντιφατικαί. Ενώ ο εις υπουργός υπεστήριξεν ότι η παραπομπή εγένετο διά υπηρεσιακούς λόγους, ο άλλος ανέφερεν ότι οφείλεται εις πολιτικήν δραστηριότητα του κ. Φλώρου. Αι αντιφάσεις αύται ενισχύουν την θέσιν του κατηγορουμένου.

ΙΠΠΟΔΡΟΜΙΑΚΑ ΝΕΑ

Πλήρως απαντηθείσα από την ιπποδρομίαν τους ιπποδρόμους, εις την σημερινήν συνάντησιν συμμετέχουν οι εξής:

1ο) Σαίν ή Κεν Ρουαγιάλ
2ο) Τζάξι ή Σουρωτή
3ο) Σουλτάνα ή Αννίκα
4ο) Λαίδη ή Μαρίαν (Κουρέφος)
5ο) Γουέλ ή Σαμάρο (Πουμπί)
6ο) Τονιμύτε ή Θένη
Η ΑΘΛΗΤΙΚΗ ΚΙΝΗΣΙΣ
ΟΙ ΣΗΜΕΡΙΝΟΙ ΑΓΩΝΕΣ

Το ποδοσφαιρικόν πρωτάθλημα εξακολουθεί με αμείωτον ενδιαφέρον. Σήμερον θα διεξαχθούν οι αγώνες της Α΄ Εθνικής Κατηγορίας. Ο αγών Ολυμπιακού — ΑΕΚ αποτελεί το κυριώτερον γεγονός της ημέρας.

συγκρότηση δε έχει Επίτροποι Διοικήσεως κατά τας κειμένας διατάξεις. Η υπόθεσις θα συζητηθή προσεχώς και αναμένεται με ενδιαφέρον η απόφασις του Δικαστηρίου.

Η Β΄ ΕΘΝΙΚΗ ΚΑΤΗΓΟΡΙΑ

Το ποδοσφαιρικόν πρωτάθλημα εξακολουθεί με αμείωτον ενδιαφέρον. Σήμερον θα διεξαχθούν οι αγώνες της Α΄ Εθνικής Κατηγορίας. Ο αγών Ολυμπιακού — ΑΕΚ αποτελεί το κυριώτερον γεγονός της ημέρας.

ΤΟ ΠΡΟΓΡΑΜΜΑ ΜΠΑΣΚΕΤ

Πριν τελειώσει ο κ. Φλώρος, αναφέρει ότι η υπόθεσις αυτή δεν αφορά μόνον τον ίδιον αλλά όλους τους δημοσίους λειτουργούς. Εάν επιτραπή εις την Κυβέρνησιν να ενεργή κατά τον τρόπον αυτόν, ουδείς δημόσιος υπάλληλος θα αισθάνεται ασφαλής.

ΑΓΩΝΕΣ ΤΕΝΝΙΣ

Ο κ. Φλώρος καταλήγει ζητών την ακύρωσιν της αποφάσεως και την αποκατάστασίν του εις την θέσιν την οποίαν κατείχε προ της παραπομπής του.

ΕΓΚΑΤΕΛΕΙΦΘΗΣΑΝ ΤΑ ΕΡΓΑ ΑΡΔΕΥΤΙΚΟΥ ΑΥΛΑΚΟΣ ΘΗΩΝ

Ο Τοπικός Οργανισμός Εγγείων Βελτιώσεων καταγγέλλει ότι τα έργα του αρδευτικού αύλακος εγκατελείφθησαν πριν ολοκληρωθούν, με αποτέλεσμα να ζημιώνωνται οι καλλιεργηταί της περιοχής.

Όσον αφορά την εντολήν μεταθέσεως, ο κ. Φλώρος τονίζει ότι αύτη εδόθη κατά παράβασιν των διατάξεων του Υπαλληλικού Κώδικος. Η μετάθεσις έγινε χωρίς να υπάρχη υπηρεσιακή ανάγκη και αποκλειστικώς διά να τιμωρηθή ο ίδιος διά τας απόψεις του.

ΕΛΛΗΝ ΠΡΟΕΔΡΟΣ ΤΗΣ ΚΟΙΝΩΝΙΚΗΣ ΕΠΙΤΡΟΠΗΣ ΤΟΥ ΕΥΡΩΠΑΪΚΟΥ ΣΥΜΒΟΥΛΙΟΥ

Κατά πληροφορίας εκ Στρασβούργου, εις την Προεδρίαν της Επιτροπής Κοινωνικών Υποθέσεων του Ευρωπαϊκού Συμβουλίου εξελέγη ο Έλλην αντιπρόσωπος.

ΤΟ ΚΥΝΗΓΙΟΝ ΤΩΝ ΤΡΥΓΟΝΩΝ ΚΑΙ ΟΡΤΥΚΙΩΝ

Η Κυνηγετική Ομοσπονδία Ελλάδος ανακοινώνει ότι το κυνήγιον των τρυγόνων και ορτυκιών επιτρέπεται από της 15ης Μαΐου έως 15ης Ιουνίου 1962.

ΕΝΔΙΑΦΕΡΟΥΣΑ ΕΙΔΟΠΟΙΗΣΙΣ

Ο φιλολογικός σύλλογος ο Παρνασσός ανακοινώνει ότι αι τακτικαί διαλέξεις θα συνεχισθούν κατά το προσεχές διάστημα.

Ο κ. Φλώρος διαπιστώνει ότι η διαδικασία ήτο παράνομος και ότι η Κυβέρνησις ενήργησεν καθ' υπέρβασιν της εξουσίας της. Υποστηρίζει ότι δεν ετηρήθησαν αι προβλεπόμεναι διατυπώσεις και ότι δεν εδόθη εις αυτόν η δυνατότης να εκθέση τας απόψεις του.

ΓΕΩΡΓΙΟΣ ΚΟΥΡΚΟΥΛΟΣ
